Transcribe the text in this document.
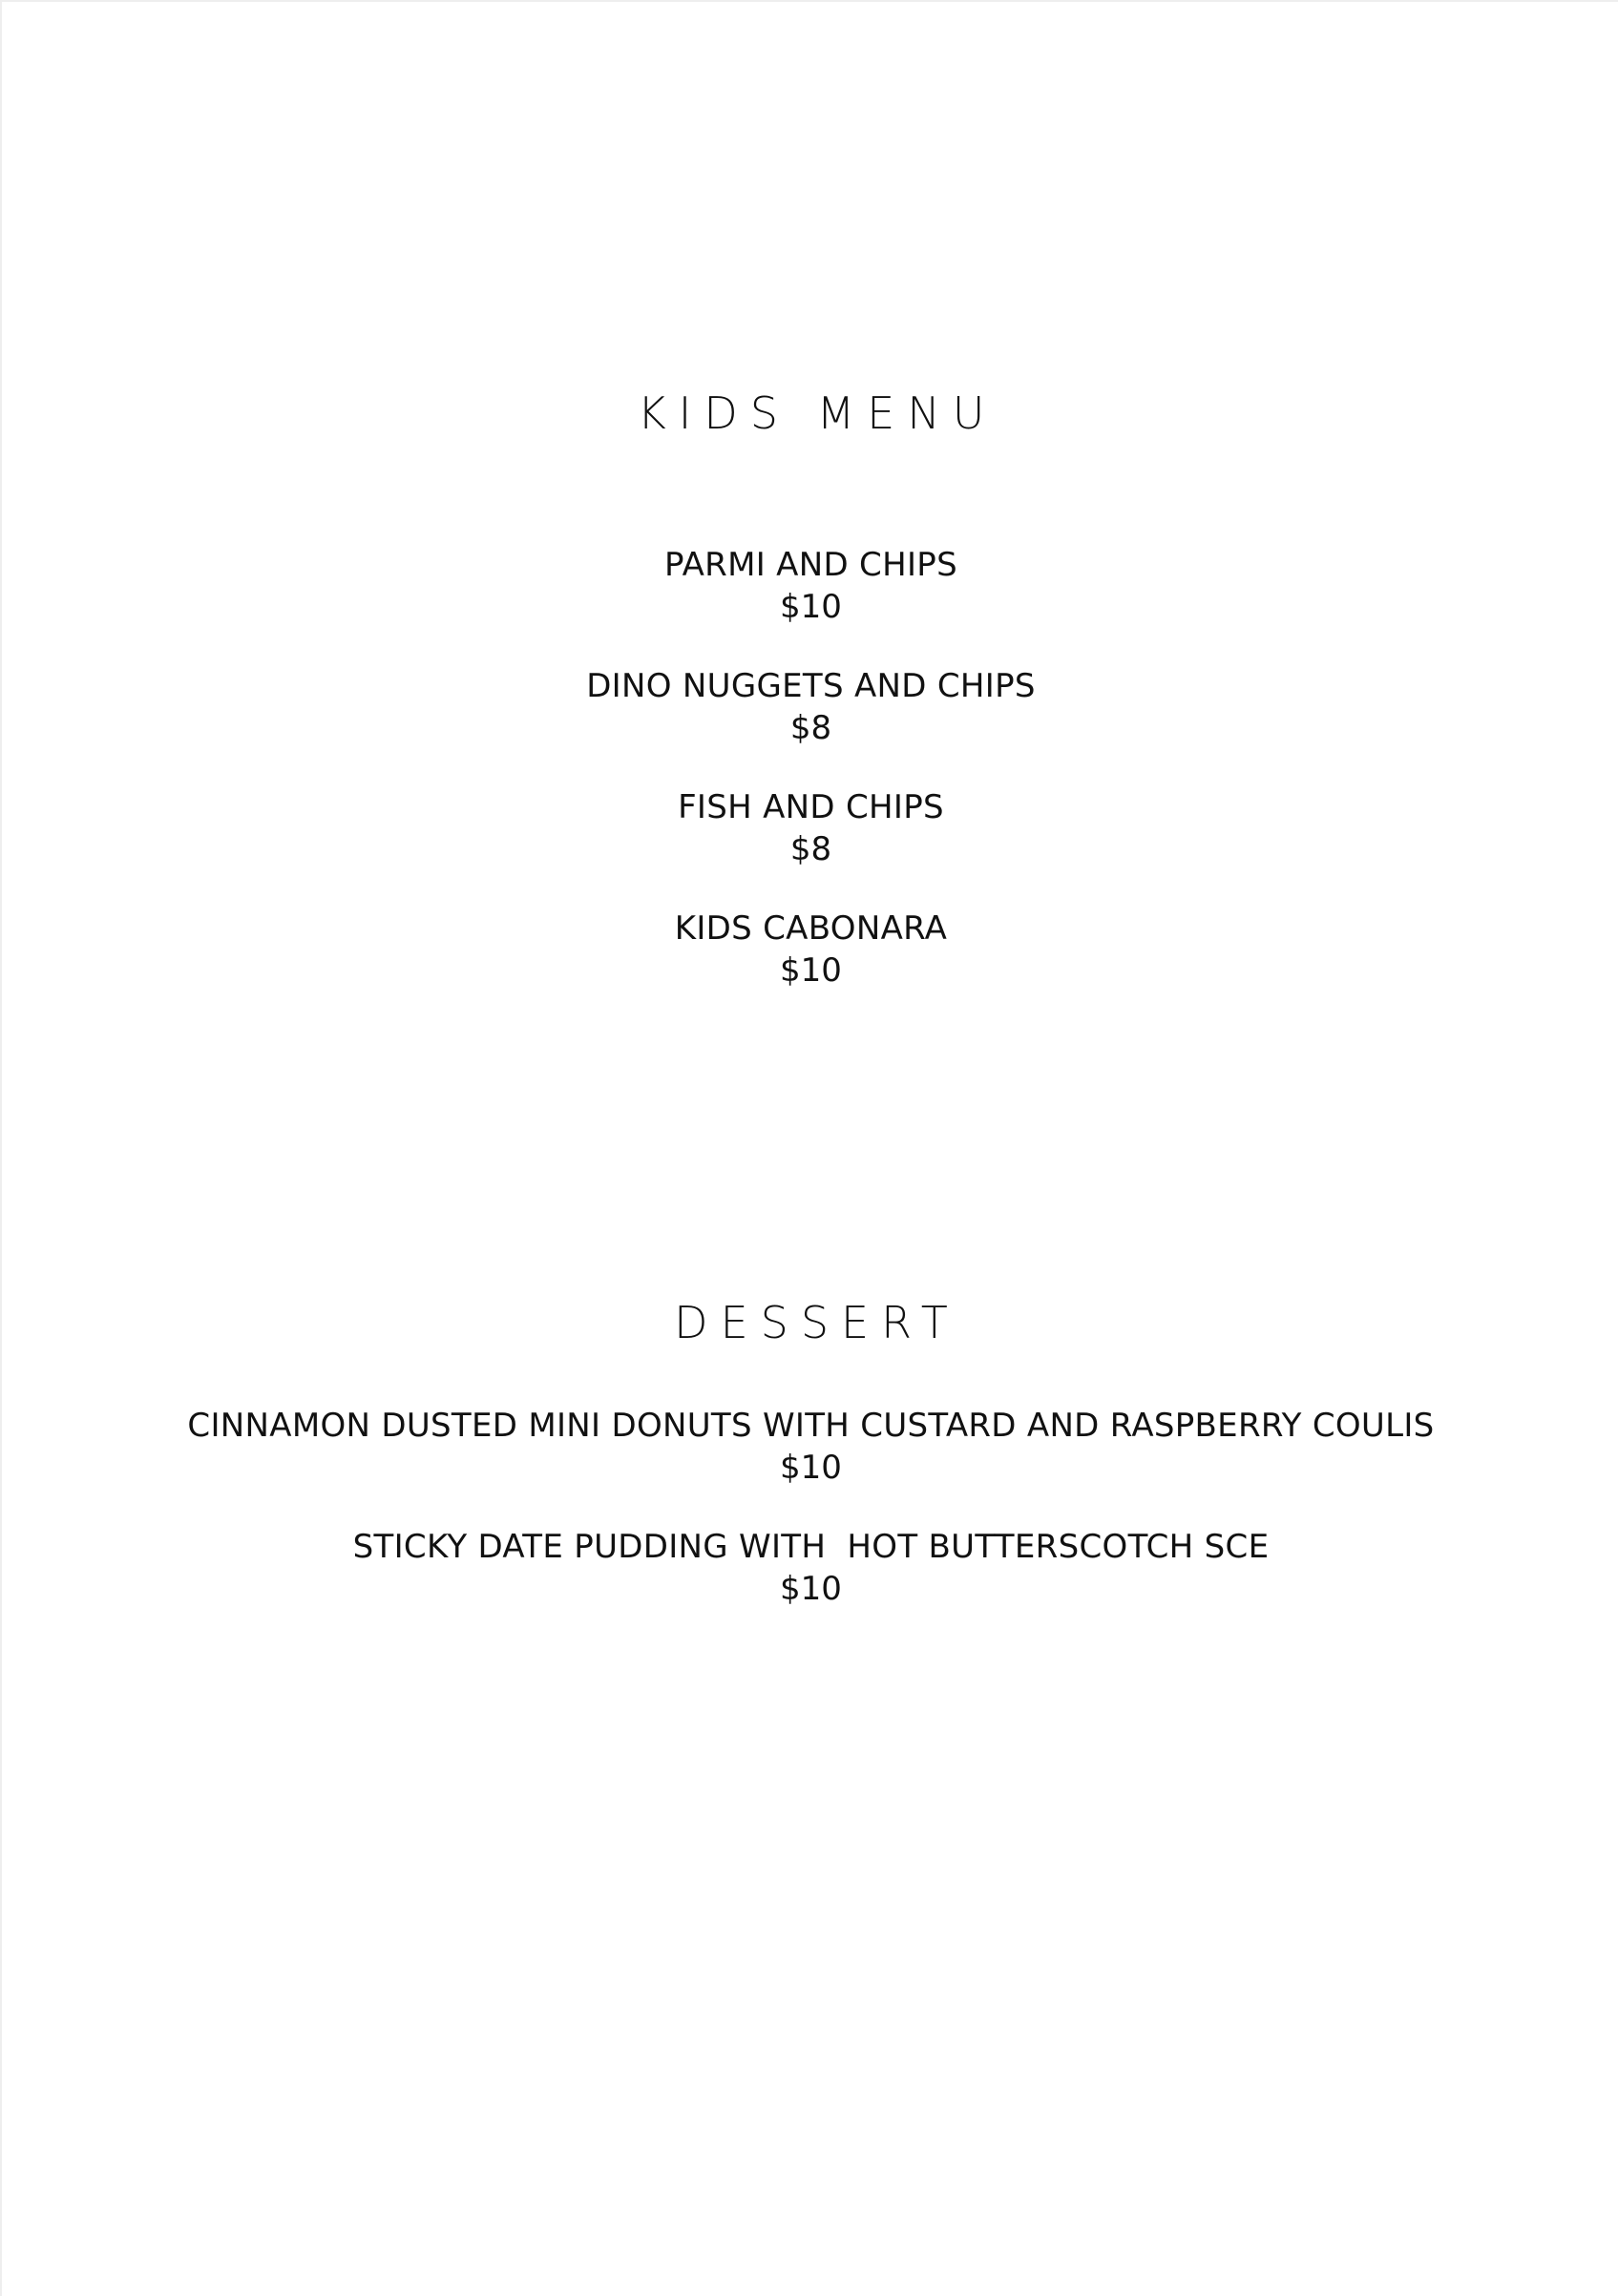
KIDS MENU
PARMI AND CHIPS
$10
DINO NUGGETS AND CHIPS
$8
FISH AND CHIPS
$8
KIDS CABONARA
$10
DESSERT
CINNAMON DUSTED MINI DONUTS WITH CUSTARD AND RASPBERRY COULIS
$10
STICKY DATE PUDDING WITH  HOT BUTTERSCOTCH SCE
$10
